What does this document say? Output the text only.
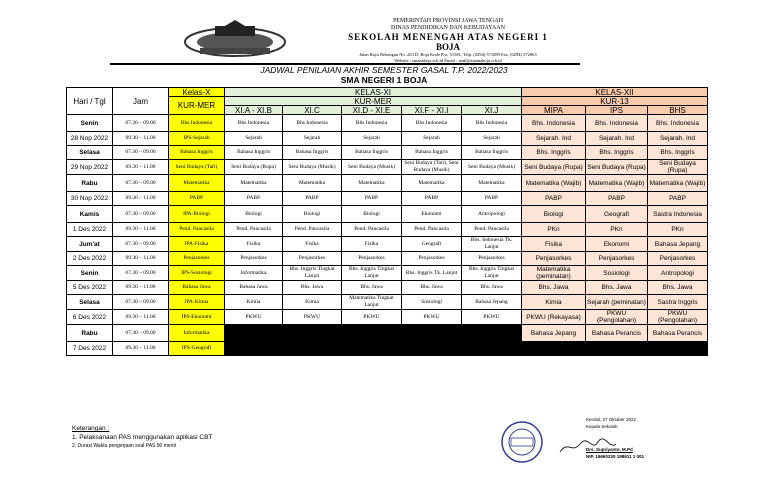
PEMERINTAH PROVINSI JAWA TENGAH
DINAS PENDIDIKAN DAN KEBUDAYAAN
SEKOLAH MENENGAH ATAS NEGERI 1
BOJA
Jalan Raya Bebengan No. 203 D. Boja Kode Pos. 51381, Telp. (0294) 571089 Fax. (0294) 572063
Website : smanaboja.sch.id Email : mail@smanaboja.sch.id
JADWAL PENILAIAN AKHIR SEMESTER GASAL T.P. 2022/2023
SMA NEGERI 1 BOJA
Hari / Tgl	Jam	Kelas-X	KELAS-XI					KELAS-XII		
		KUR-MER	KUR-MER					KUR-13		
			XI.A - XI.B	XI.C	XI.D - XI.E	XI.F - XI.I	XI.J	MIPA	IPS	BHS
Senin	07.30 – 09.00	Bhs Indonesia	Bhs Indonesia	Bhs Indonesia	Bhs Indonesia	Bhs Indonesia	Bhs Indonesia	Bhs. Indonesia	Bhs. Indonesia	Bhs. Indonesia
28 Nop 2022	09.30 – 11.00	IPS-Sejarah	Sejarah	Sejarah	Sejarah	Sejarah	Sejarah	Sejarah. Ind	Sejarah. Ind	Sejarah. Ind
Selasa	07.30 – 09.00	Bahasa Inggris	Bahasa Inggris	Bahasa Inggris	Bahasa Inggris	Bahasa Inggris	Bahasa Inggris	Bhs. Inggris	Bhs. Inggris	Bhs. Inggris
29 Nop 2022	09.30 – 11.00	Seni Budaya (Tari)	Seni Budaya (Rupa)	Seni Budaya (Musik)	Seni Budaya (Musik)	Seni Budaya (Tari), Seni Budaya (Musik)	Seni Budaya (Musik)	Seni Budaya (Rupa)	Seni Budaya (Rupa)	Seni Budaya (Rupa)
Rabu	07.30 – 09.00	Matematika	Matematika	Matematika	Matematika	Matematika	Matematika	Matematika (Wajib)	Matematika (Wajib)	Matematika (Wajib)
30 Nop 2022	09.30 – 11.00	PABP	PABP	PABP	PABP	PABP	PABP	PABP	PABP	PABP
Kamis	07.30 – 09.00	IPA-Biologi	Biologi	Biologi	Biologi	Ekonomi	Antropologi	Biologi	Geografi	Sastra Indonesia
1 Des 2022	09.30 – 11.00	Pend. Pancasila	Pend. Pancasila	Pend. Pancasila	Pend. Pancasila	Pend. Pancasila	Pend. Pancasila	PKn	PKn	PKn
Jum'at	07.30 – 09.00	IPA-Fisika	Fisika	Fisika	Fisika	Geografi	Bhs. Indonesia Tk. Lanjut	Fisika	Ekonomi	Bahasa Jepang
2 Des 2022	09.30 – 11.00	Penjasorkes	Penjasorkes	Penjasorkes	Penjasorkes	Penjasorkes	Penjasorkes	Penjasorkes	Penjasorkes	Penjasorkes
Senin	07.30 – 09.00	IPS-Sosiologi	Informatika	Bhs. Inggris Tingkat Lanjut	Bhs. Inggris Tingkat Lanjut	Bhs. Inggris Tk. Lanjut	Bhs. Inggris Tingkat Lanjut	Matematika (peminatan)	Sosiologi	Antropologi
5 Des 2022	09.30 – 11.00	Bahasa Jawa	Bahasa Jawa	Bhs. Jawa	Bhs. Jawa	Bhs. Jawa	Bhs. Jawa	Bhs. Jawa	Bhs. Jawa	Bhs. Jawa
Selasa	07.30 – 09.00	IPA-Kimia	Kimia	Kimia	Matematika Tingkat Lanjut	Sosiologi	Bahasa Jepang	Kimia	Sejarah (peminatan)	Sastra Inggris
6 Des 2022	09.30 – 11.00	IPS-Ekonomi	PKWU	PKWU	PKWU	PKWU	PKWU	PKWU (Rekayasa)	PKWU (Pengolahan)	PKWU (Pengolahan)
Rabu	07.30 – 09.00	Informatika						Bahasa Jepang	Bahasa Perancis	Bahasa Perancis
7 Des 2022	09.30 – 11.00	IPS-Geografi								
Keterangan :
1. Pelaksanaan PAS menggunakan aplikasi CBT
2. Durasi Waktu pengerjaan soal PAS 90 menit
Kendal, 27 Oktober 2022
Kepala Sekolah
Drs. Supriyanto, M.Pd
NIP. 19660330 198911 1 001
